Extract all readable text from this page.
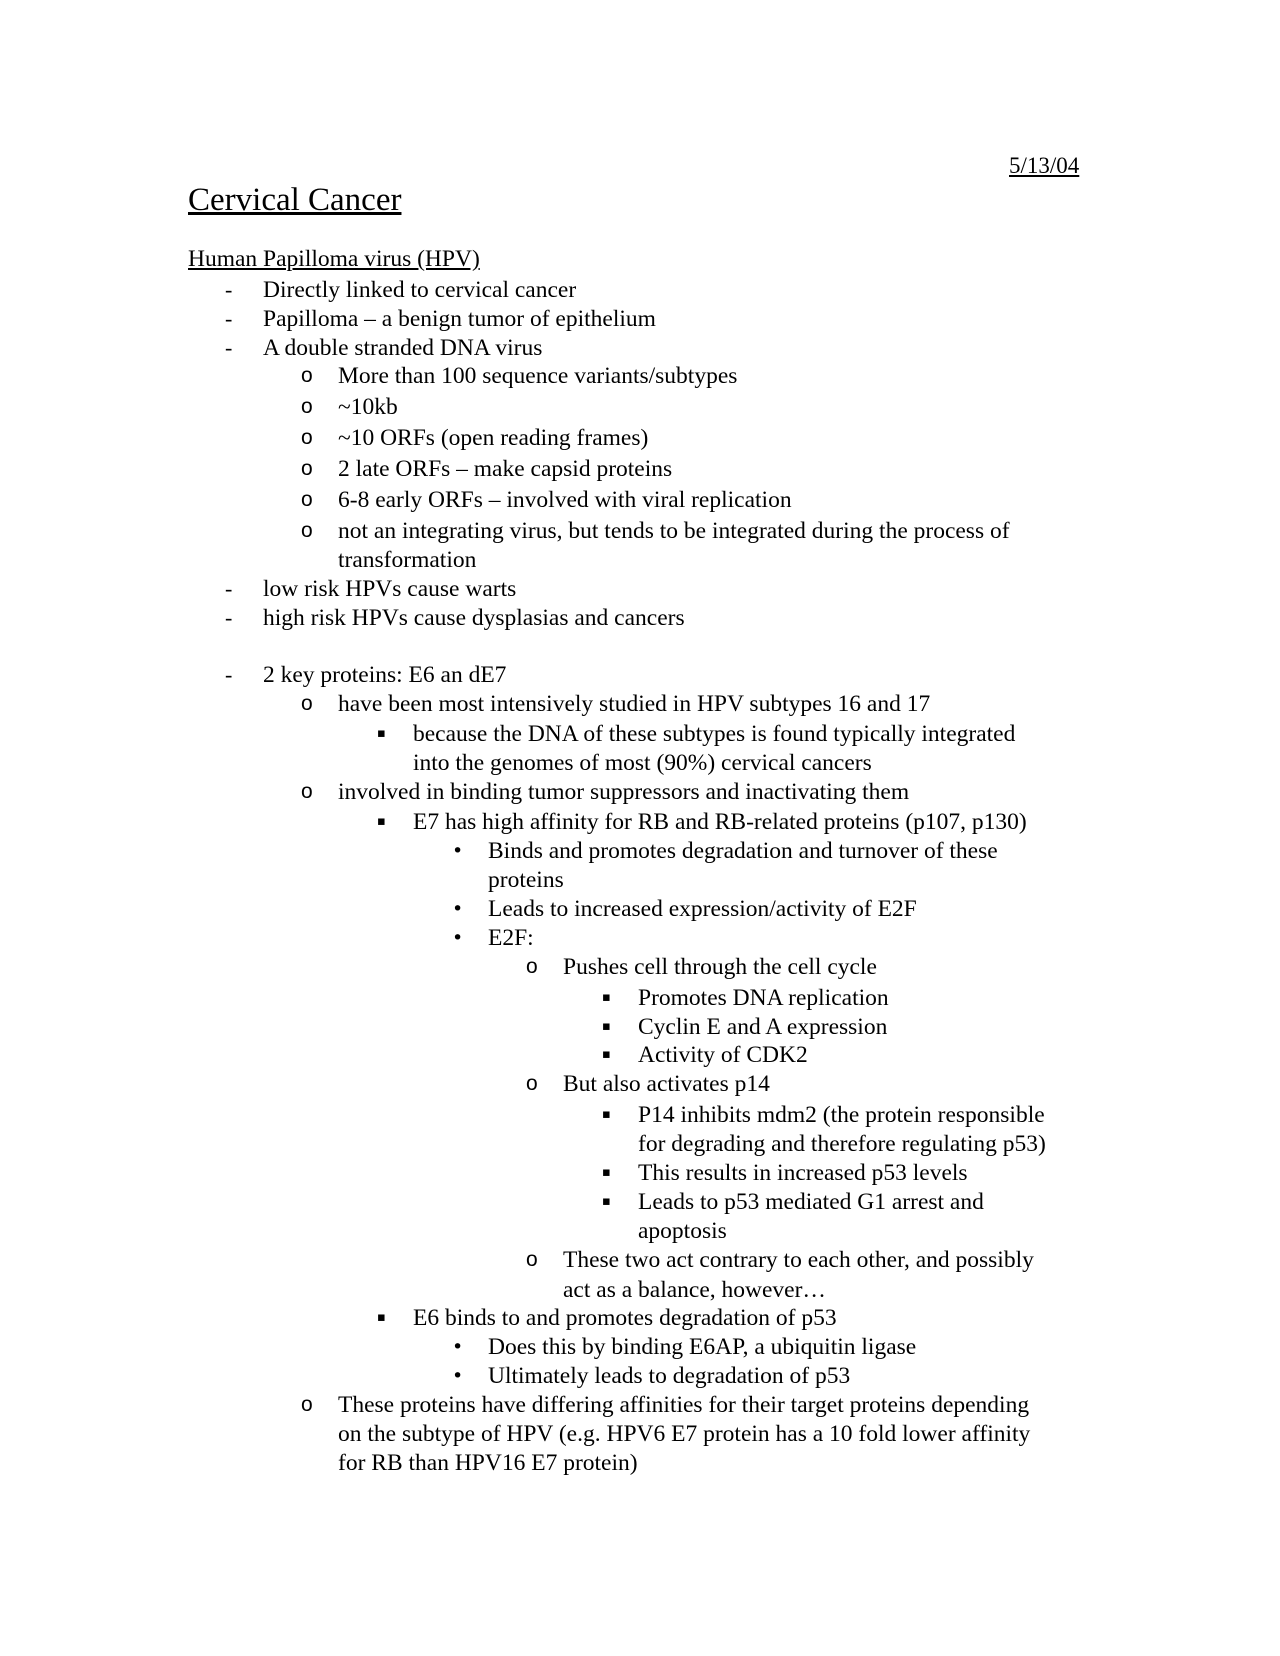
5/13/04
Cervical Cancer
Human Papilloma virus (HPV)
- Directly linked to cervical cancer
- Papilloma – a benign tumor of epithelium
- A double stranded DNA virus
o More than 100 sequence variants/subtypes
o ~10kb
o ~10 ORFs (open reading frames)
o 2 late ORFs – make capsid proteins
o 6-8 early ORFs – involved with viral replication
o not an integrating virus, but tends to be integrated during the process of
transformation
- low risk HPVs cause warts
- high risk HPVs cause dysplasias and cancers
- 2 key proteins: E6 an dE7
o have been most intensively studied in HPV subtypes 16 and 17
▪ because the DNA of these subtypes is found typically integrated
into the genomes of most (90%) cervical cancers
o involved in binding tumor suppressors and inactivating them
▪ E7 has high affinity for RB and RB-related proteins (p107, p130)
• Binds and promotes degradation and turnover of these
proteins
• Leads to increased expression/activity of E2F
• E2F:
o Pushes cell through the cell cycle
▪ Promotes DNA replication
▪ Cyclin E and A expression
▪ Activity of CDK2
o But also activates p14
▪ P14 inhibits mdm2 (the protein responsible
for degrading and therefore regulating p53)
▪ This results in increased p53 levels
▪ Leads to p53 mediated G1 arrest and
apoptosis
o These two act contrary to each other, and possibly
act as a balance, however…
▪ E6 binds to and promotes degradation of p53
• Does this by binding E6AP, a ubiquitin ligase
• Ultimately leads to degradation of p53
o These proteins have differing affinities for their target proteins depending
on the subtype of HPV (e.g. HPV6 E7 protein has a 10 fold lower affinity
for RB than HPV16 E7 protein)
